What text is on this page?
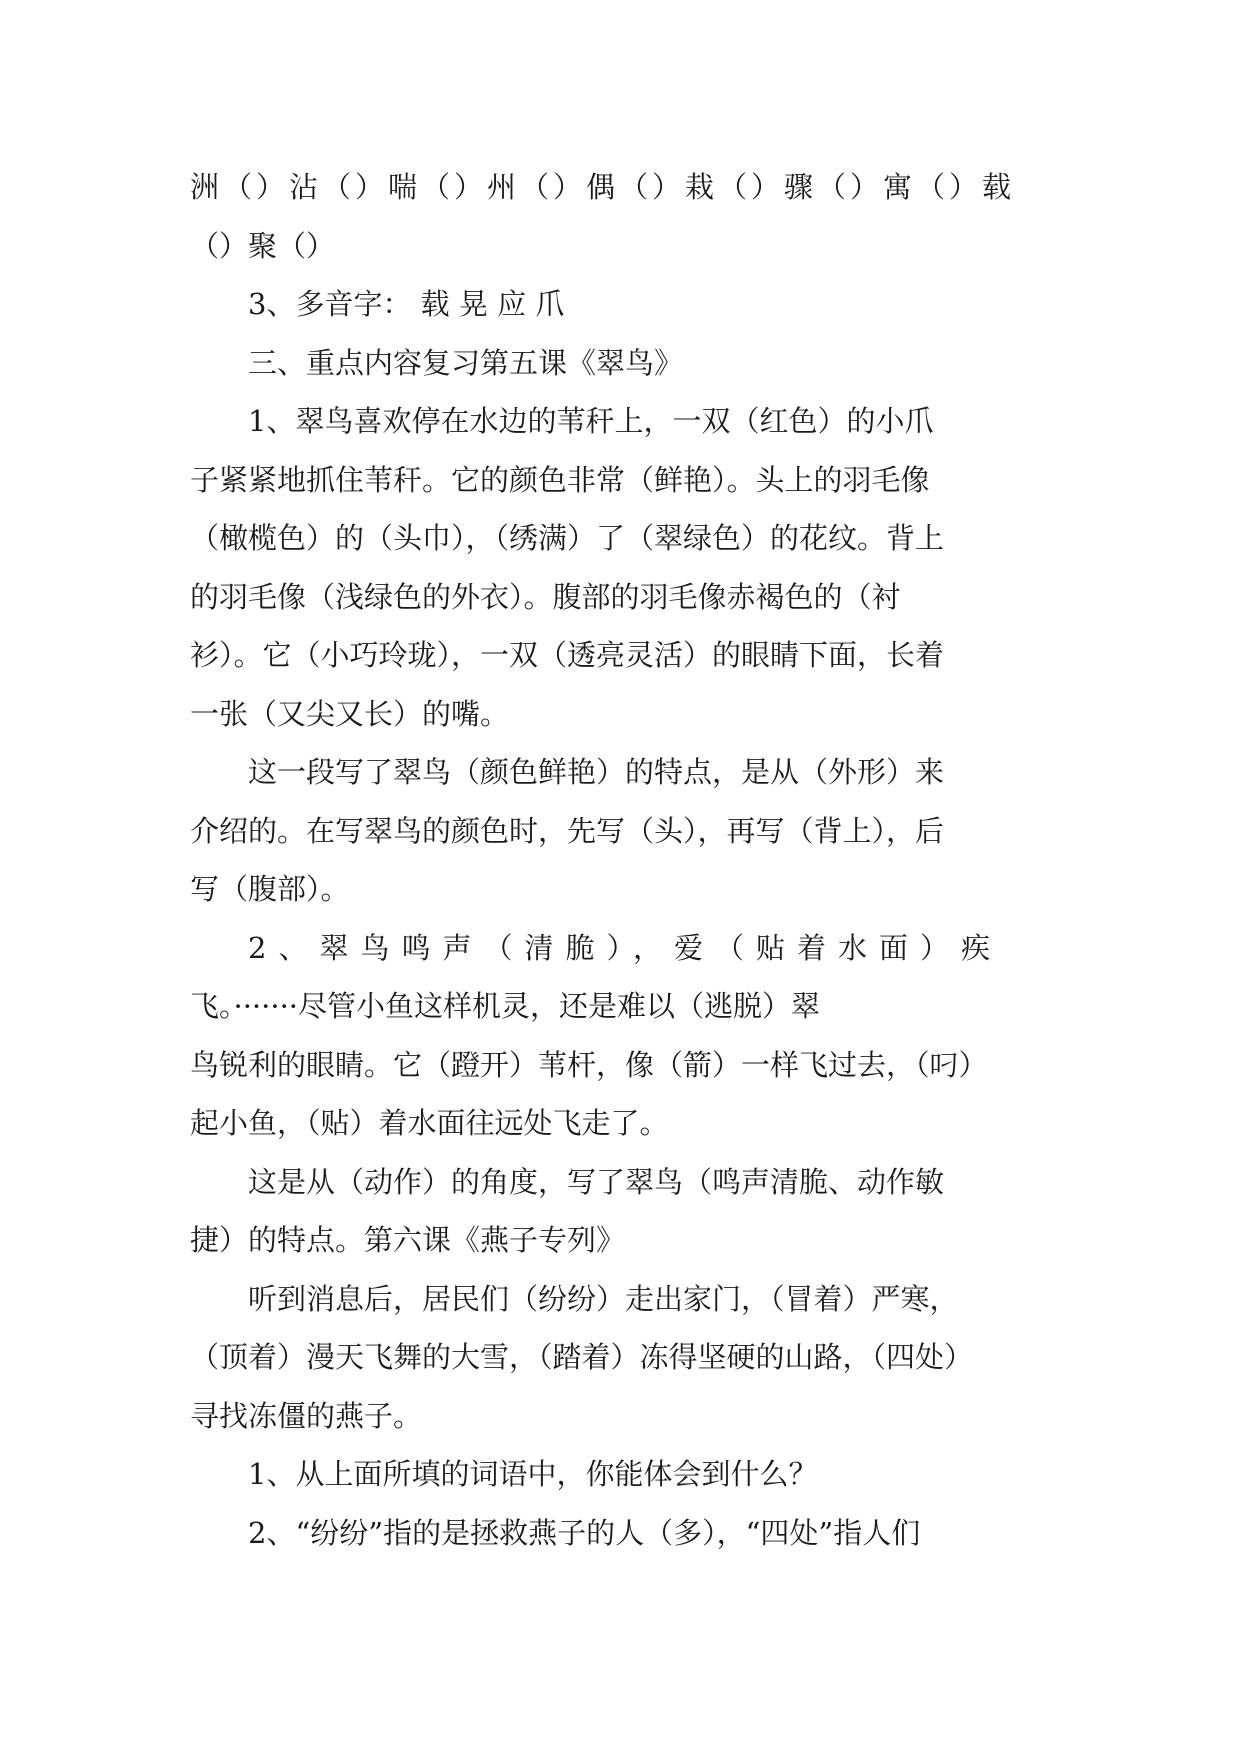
洲（）沾（）喘（）州（）偶（）栽（）骤（）寓（）载
（）聚（）
3、多音字： 载 晃 应 爪
三、重点内容复习第五课《翠鸟》
1、翠鸟喜欢停在水边的苇秆上，一双（红色）的小爪
子紧紧地抓住苇秆。它的颜色非常（鲜艳）。头上的羽毛像
（橄榄色）的（头巾），（绣满）了（翠绿色）的花纹。背上
的羽毛像（浅绿色的外衣）。腹部的羽毛像赤褐色的（衬
衫）。它（小巧玲珑），一双（透亮灵活）的眼睛下面，长着
一张（又尖又长）的嘴。
这一段写了翠鸟（颜色鲜艳）的特点，是从（外形）来
介绍的。在写翠鸟的颜色时，先写（头），再写（背上），后
写（腹部）。
2、翠鸟鸣声（清脆），爱（贴着水面）疾
飞。·······尽管小鱼这样机灵，还是难以（逃脱）翠
鸟锐利的眼睛。它（蹬开）苇杆，像（箭）一样飞过去，（叼）
起小鱼，（贴）着水面往远处飞走了。
这是从（动作）的角度，写了翠鸟（鸣声清脆、动作敏
捷）的特点。第六课《燕子专列》
听到消息后，居民们（纷纷）走出家门，（冒着）严寒，
（顶着）漫天飞舞的大雪，（踏着）冻得坚硬的山路，（四处）
寻找冻僵的燕子。
1、从上面所填的词语中，你能体会到什么？
2、“纷纷”指的是拯救燕子的人（多），“四处”指人们
